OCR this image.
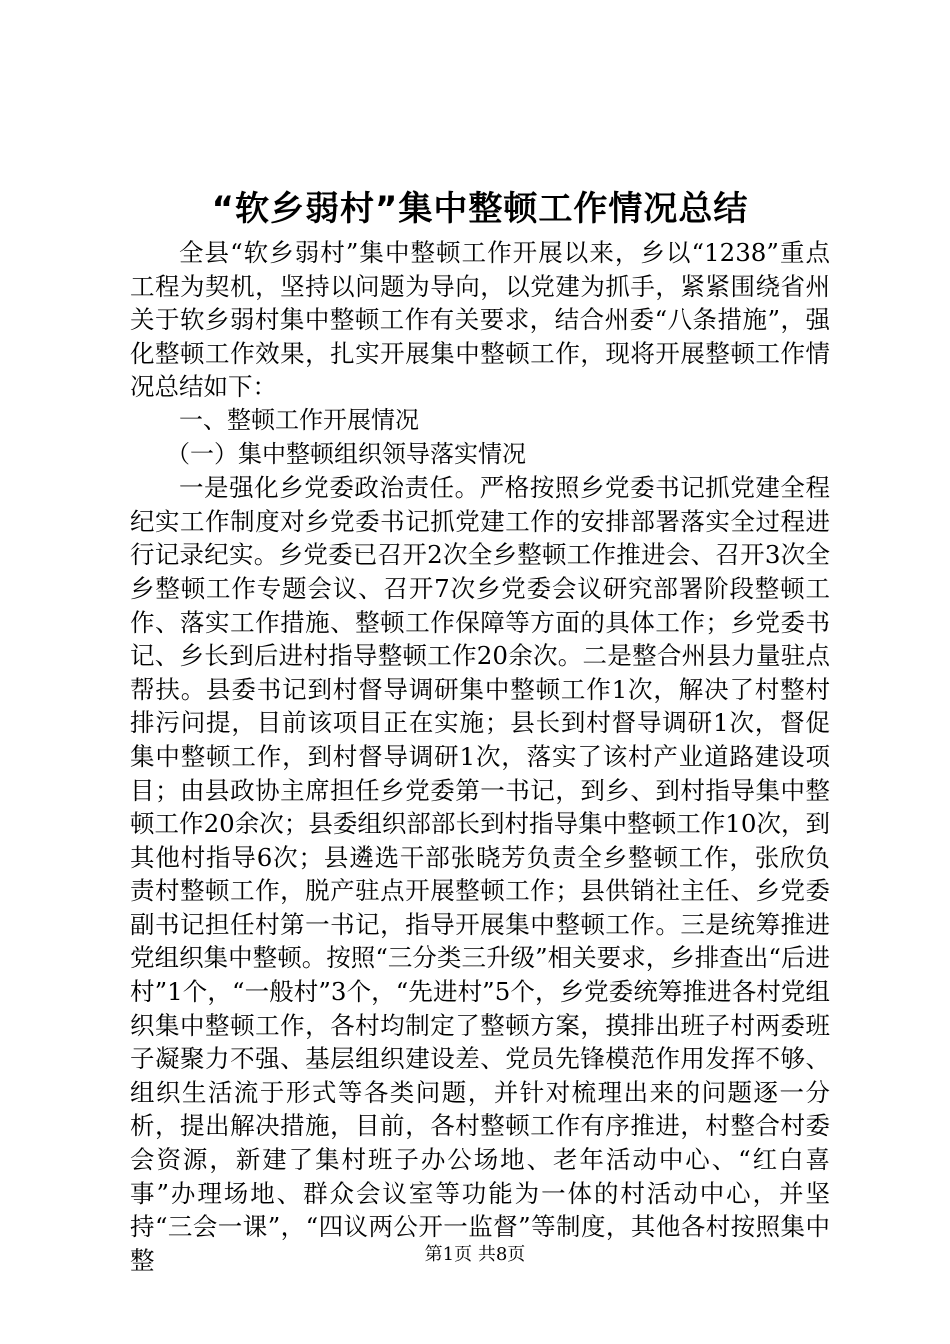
“软乡弱村”集中整顿工作情况总结

全县“软乡弱村”集中整顿工作开展以来，乡以“1238”重点工程为契机，坚持以问题为导向，以党建为抓手，紧紧围绕省州关于软乡弱村集中整顿工作有关要求，结合州委“八条措施”，强化整顿工作效果，扎实开展集中整顿工作，现将开展整顿工作情况总结如下：

一、整顿工作开展情况
（一）集中整顿组织领导落实情况

一是强化乡党委政治责任。严格按照乡党委书记抓党建全程纪实工作制度对乡党委书记抓党建工作的安排部署落实全过程进行记录纪实。乡党委已召开2次全乡整顿工作推进会、召开3次全乡整顿工作专题会议、召开7次乡党委会议研究部署阶段整顿工作、落实工作措施、整顿工作保障等方面的具体工作；乡党委书记、乡长到后进村指导整顿工作20余次。二是整合州县力量驻点帮扶。县委书记到村督导调研集中整顿工作1次，解决了村整村排污问提，目前该项目正在实施；县长到村督导调研1次，督促集中整顿工作，到村督导调研1次，落实了该村产业道路建设项目；由县政协主席担任乡党委第一书记，到乡、到村指导集中整顿工作20余次；县委组织部部长到村指导集中整顿工作10次，到其他村指导6次；县遴选干部张晓芳负责全乡整顿工作，张欣负责村整顿工作，脱产驻点开展整顿工作；县供销社主任、乡党委副书记担任村第一书记，指导开展集中整顿工作。三是统筹推进党组织集中整顿。按照“三分类三升级”相关要求，乡排查出“后进村”1个，“一般村”3个，“先进村”5个，乡党委统筹推进各村党组织集中整顿工作，各村均制定了整顿方案，摸排出班子村两委班子凝聚力不强、基层组织建设差、党员先锋模范作用发挥不够、组织生活流于形式等各类问题，并针对梳理出来的问题逐一分析，提出解决措施，目前，各村整顿工作有序推进，村整合村委会资源，新建了集村班子办公场地、老年活动中心、“红白喜事”办理场地、群众会议室等功能为一体的村活动中心，并坚持“三会一课”，“四议两公开一监督”等制度，其他各村按照集中整	第1页 共8页
